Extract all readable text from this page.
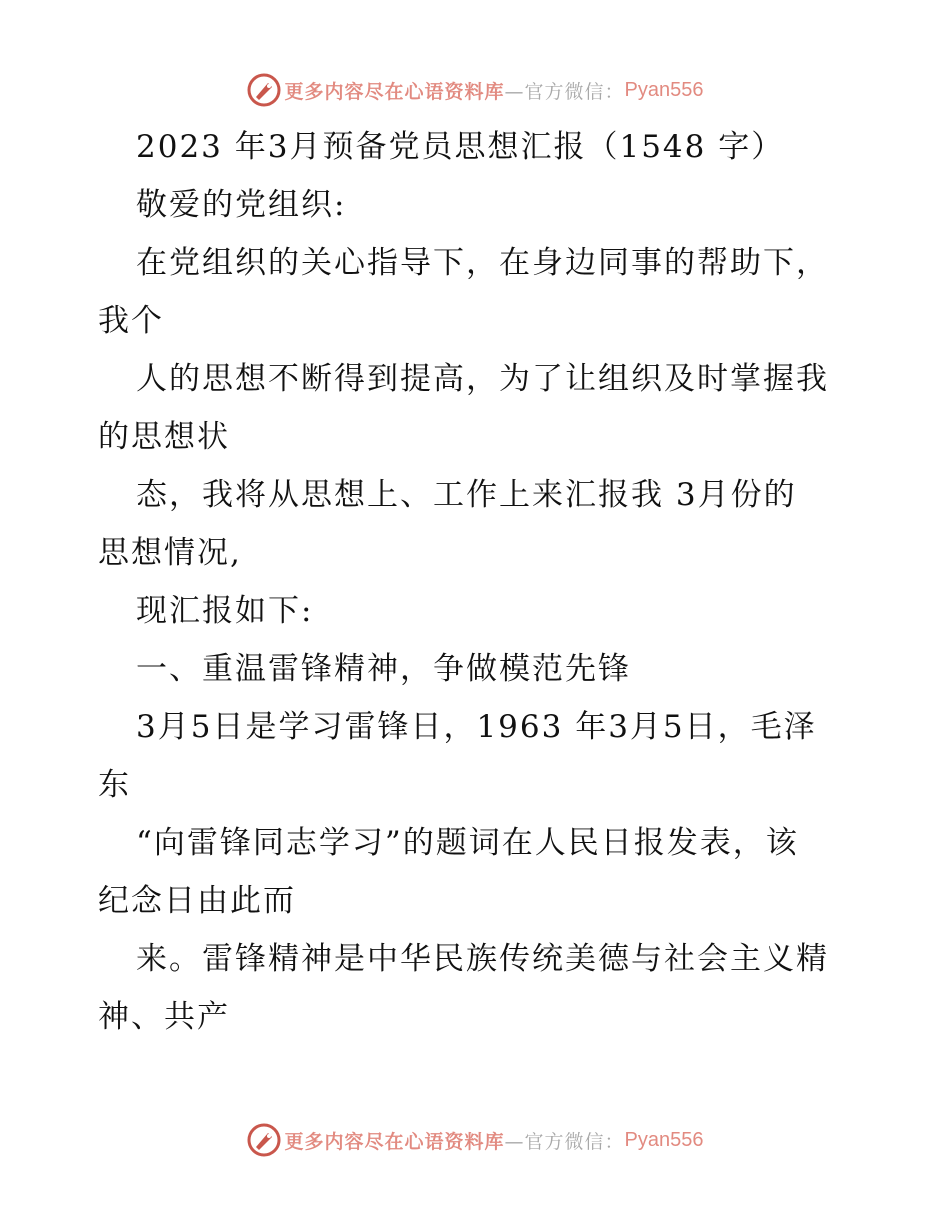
更多内容尽在心语资料库 —官方微信： Pyan556
2023 年3月预备党员思想汇报（1548 字）
敬爱的党组织:
在党组织的关心指导下，在身边同事的帮助下，
我个
人的思想不断得到提高，为了让组织及时掌握我
的思想状
态，我将从思想上、工作上来汇报我 3月份的
思想情况,
现汇报如下:
一、重温雷锋精神，争做模范先锋
3月5日是学习雷锋日，1963 年3月5日，毛泽
东
“向雷锋同志学习”的题词在人民日报发表，该
纪念日由此而
来。雷锋精神是中华民族传统美德与社会主义精
神、共产
更多内容尽在心语资料库 —官方微信： Pyan556
